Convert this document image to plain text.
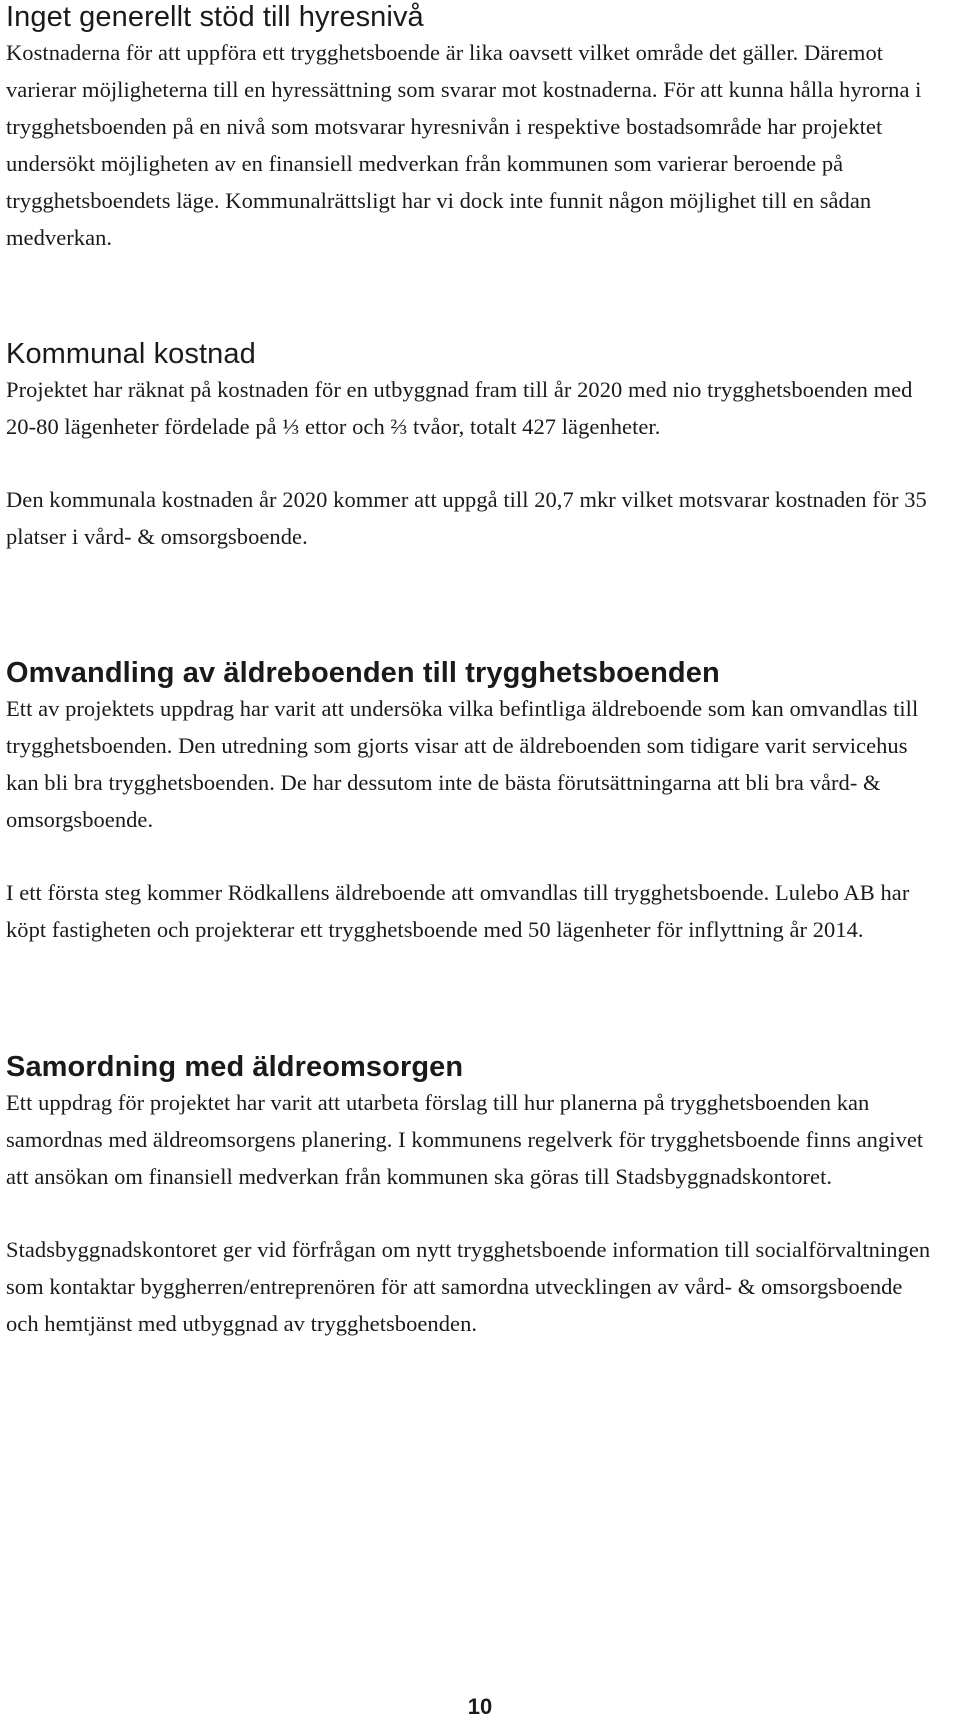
Inget generellt stöd till hyresnivå

Kostnaderna för att uppföra ett trygghetsboende är lika oavsett vilket område det gäller. Däremot varierar möjligheterna till en hyressättning som svarar mot kostnaderna. För att kunna hålla hyrorna i trygghetsboenden på en nivå som motsvarar hyresnivån i respektive bostadsområde har projektet undersökt möjligheten av en finansiell medverkan från kommunen som varierar beroende på trygghetsboendets läge. Kommunalrättsligt har vi dock inte funnit någon möjlighet till en sådan medverkan.

Kommunal kostnad

Projektet har räknat på kostnaden för en utbyggnad fram till år 2020 med nio trygghetsboenden med 20-80 lägenheter fördelade på ⅓ ettor och ⅔ tvåor, totalt 427 lägenheter.

Den kommunala kostnaden år 2020 kommer att uppgå till 20,7 mkr vilket motsvarar kostnaden för 35 platser i vård- & omsorgsboende.

Omvandling av äldreboenden till trygghetsboenden

Ett av projektets uppdrag har varit att undersöka vilka befintliga äldreboende som kan omvandlas till trygghetsboenden. Den utredning som gjorts visar att de äldreboenden som tidigare varit servicehus kan bli bra trygghetsboenden. De har dessutom inte de bästa förutsättningarna att bli bra vård- & omsorgsboende.

I ett första steg kommer Rödkallens äldreboende att omvandlas till trygghetsboende. Lulebo AB har köpt fastigheten och projekterar ett trygghetsboende med 50 lägenheter för inflyttning år 2014.

Samordning med äldreomsorgen

Ett uppdrag för projektet har varit att utarbeta förslag till hur planerna på trygghetsboenden kan samordnas med äldreomsorgens planering. I kommunens regelverk för trygghetsboende finns angivet att ansökan om finansiell medverkan från kommunen ska göras till Stadsbyggnadskontoret.

Stadsbyggnadskontoret ger vid förfrågan om nytt trygghetsboende information till socialförvaltningen som kontaktar byggherren/entreprenören för att samordna utvecklingen av vård- & omsorgsboende och hemtjänst med utbyggnad av trygghetsboenden.

10
